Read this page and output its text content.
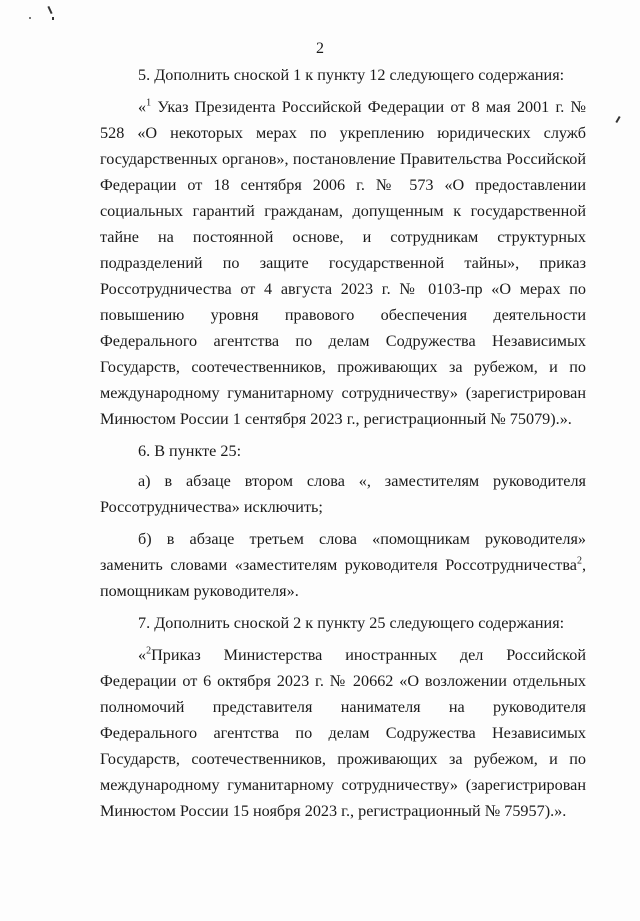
2

5. Дополнить сноской 1 к пункту 12 следующего содержания:

«$^1$ Указ Президента Российской Федерации от 8 мая 2001 г. № 528 «О некоторых мерах по укреплению юридических служб государственных органов», постановление Правительства Российской Федерации от 18 сентября 2006 г. № 573 «О предоставлении социальных гарантий гражданам, допущенным к государственной тайне на постоянной основе, и сотрудникам структурных подразделений по защите государственной тайны», приказ Россотрудничества от 4 августа 2023 г. № 0103-пр «О мерах по повышению уровня правового обеспечения деятельности Федерального агентства по делам Содружества Независимых Государств, соотечественников, проживающих за рубежом, и по международному гуманитарному сотрудничеству» (зарегистрирован Минюстом России 1 сентября 2023 г., регистрационный № 75079).».

6. В пункте 25:

а) в абзаце втором слова «, заместителям руководителя Россотрудничества» исключить;

б) в абзаце третьем слова «помощникам руководителя» заменить словами «заместителям руководителя Россотрудничества$^2$, помощникам руководителя».

7. Дополнить сноской 2 к пункту 25 следующего содержания:

«$^2$Приказ Министерства иностранных дел Российской Федерации от 6 октября 2023 г. № 20662 «О возложении отдельных полномочий представителя нанимателя на руководителя Федерального агентства по делам Содружества Независимых Государств, соотечественников, проживающих за рубежом, и по международному гуманитарному сотрудничеству» (зарегистрирован Минюстом России 15 ноября 2023 г., регистрационный № 75957).».
